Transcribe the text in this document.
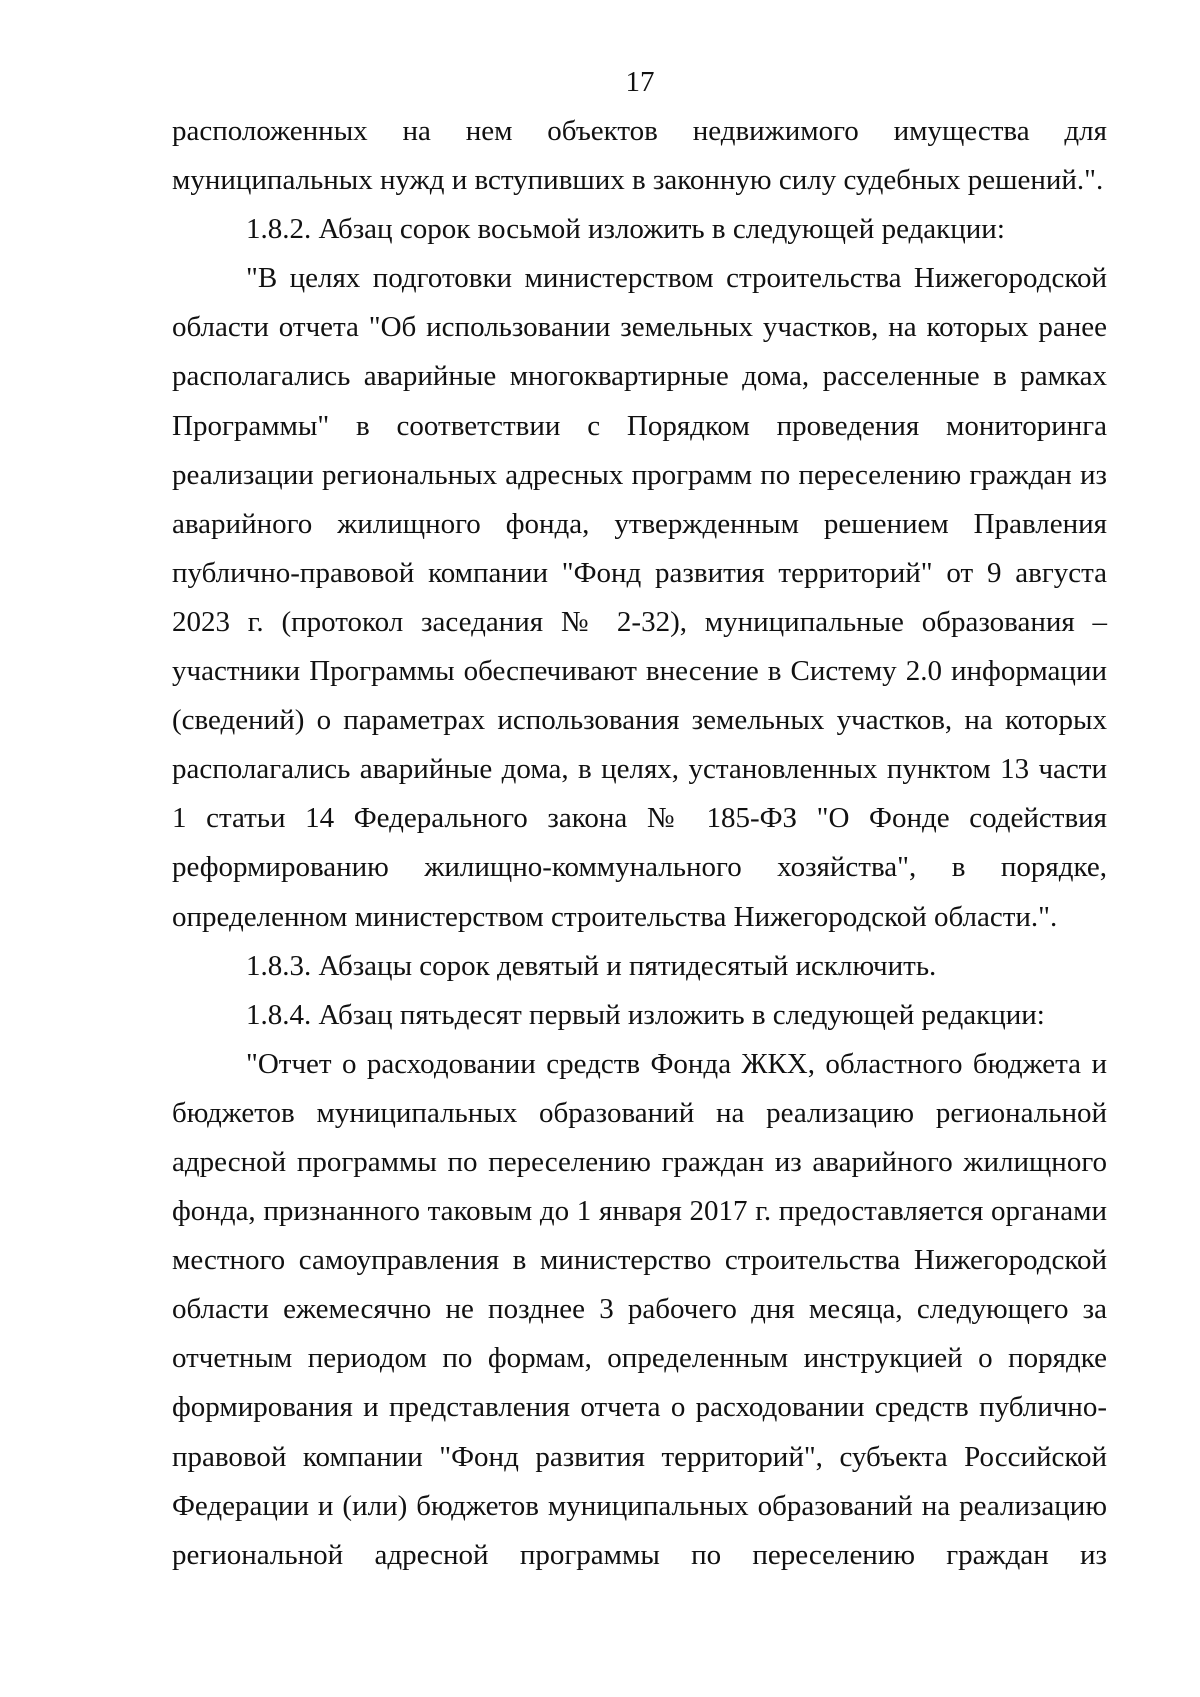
17

расположенных на нем объектов недвижимого имущества для муниципальных нужд и вступивших в законную силу судебных решений.".

1.8.2. Абзац сорок восьмой изложить в следующей редакции:

"В целях подготовки министерством строительства Нижегородской области отчета "Об использовании земельных участков, на которых ранее располагались аварийные многоквартирные дома, расселенные в рамках Программы" в соответствии с Порядком проведения мониторинга реализации региональных адресных программ по переселению граждан из аварийного жилищного фонда, утвержденным решением Правления публично-правовой компании "Фонд развития территорий" от 9 августа 2023 г. (протокол заседания № 2-32), муниципальные образования – участники Программы обеспечивают внесение в Систему 2.0 информации (сведений) о параметрах использования земельных участков, на которых располагались аварийные дома, в целях, установленных пунктом 13 части 1 статьи 14 Федерального закона № 185-ФЗ "О Фонде содействия реформированию жилищно-коммунального хозяйства", в порядке, определенном министерством строительства Нижегородской области.".

1.8.3. Абзацы сорок девятый и пятидесятый исключить.

1.8.4. Абзац пятьдесят первый изложить в следующей редакции:

"Отчет о расходовании средств Фонда ЖКХ, областного бюджета и бюджетов муниципальных образований на реализацию региональной адресной программы по переселению граждан из аварийного жилищного фонда, признанного таковым до 1 января 2017 г. предоставляется органами местного самоуправления в министерство строительства Нижегородской области ежемесячно не позднее 3 рабочего дня месяца, следующего за отчетным периодом по формам, определенным инструкцией о порядке формирования и представления отчета о расходовании средств публично-правовой компании "Фонд развития территорий", субъекта Российской Федерации и (или) бюджетов муниципальных образований на реализацию региональной адресной программы по переселению граждан из
